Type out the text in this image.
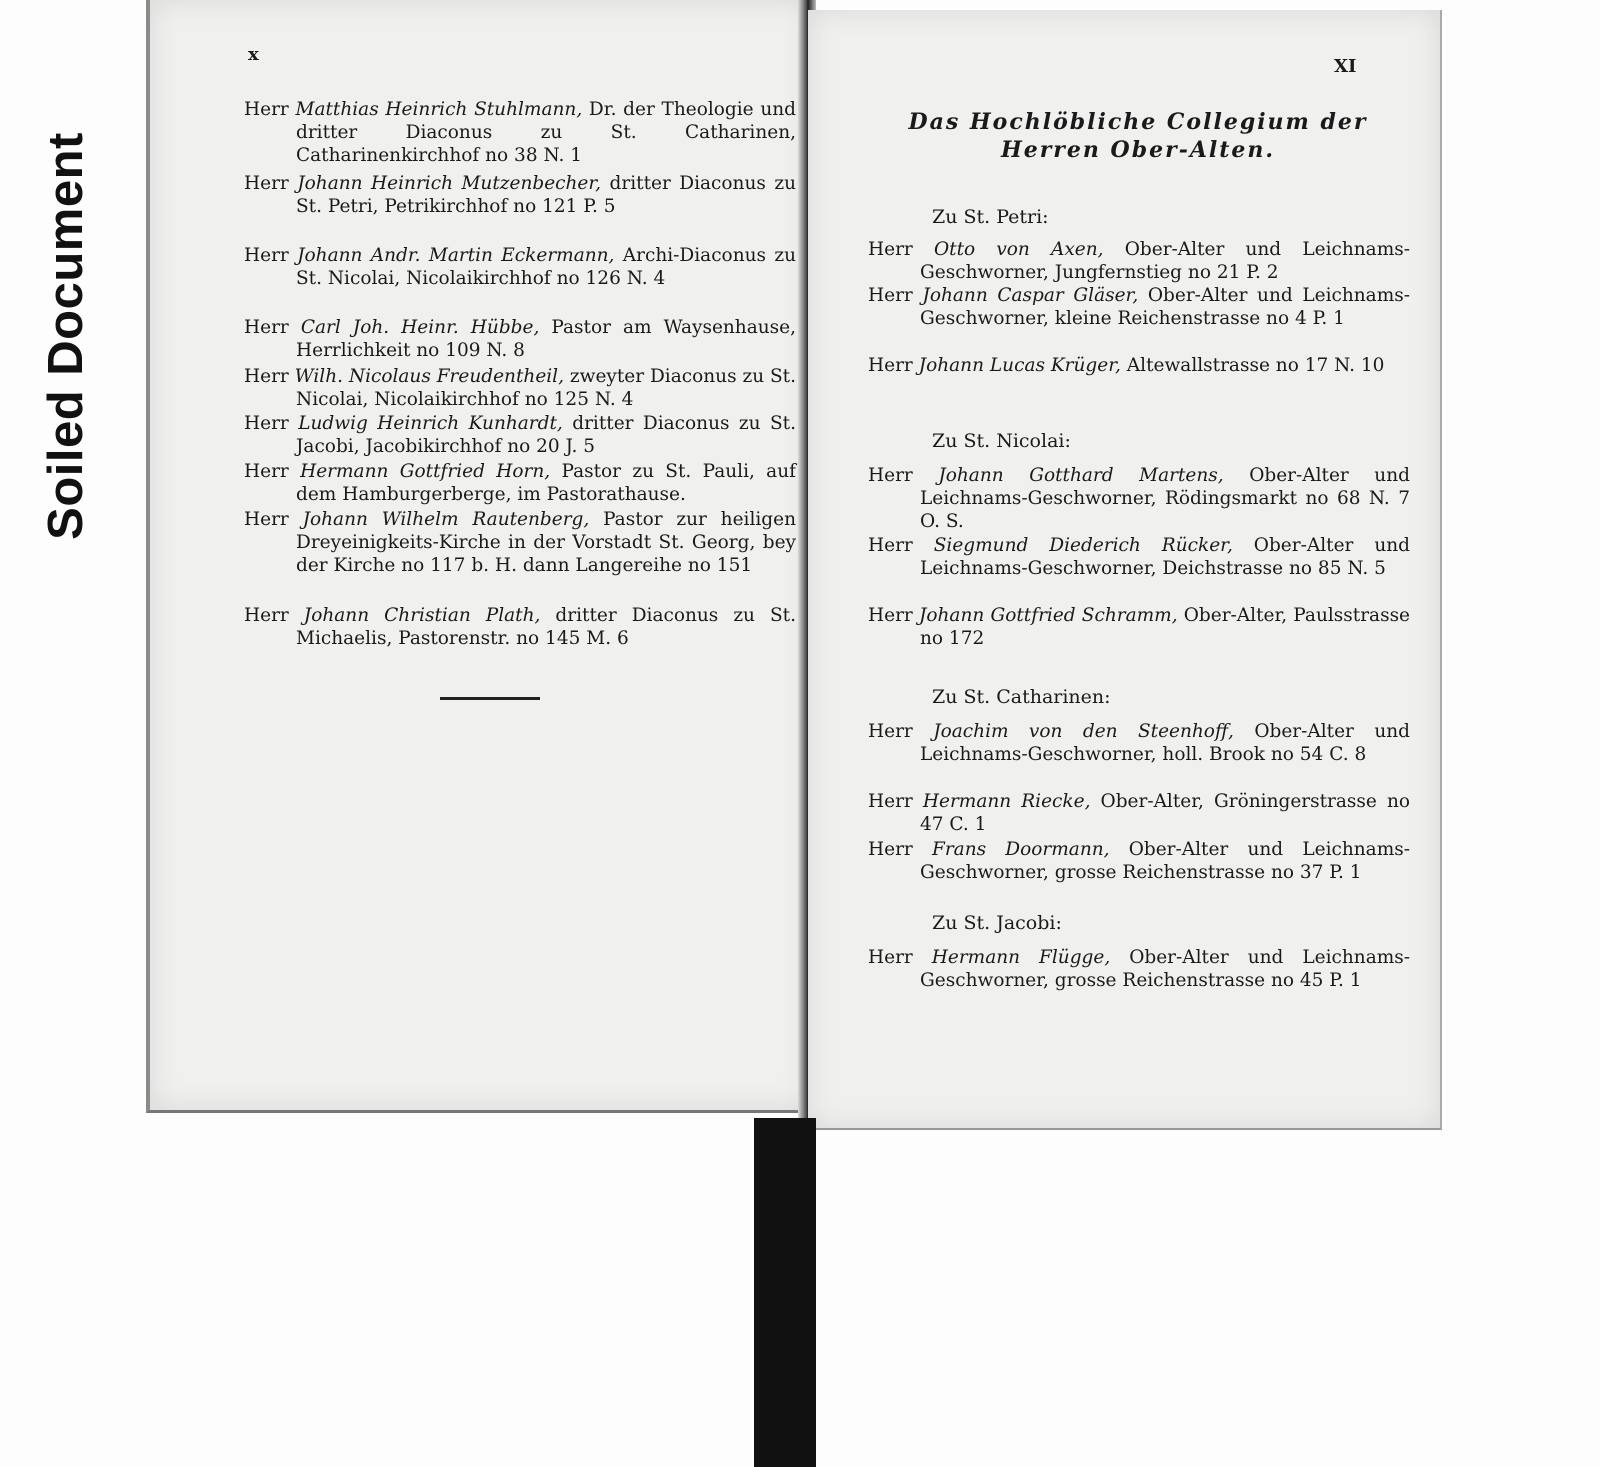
Soiled Document
x
Herr Matthias Heinrich Stuhlmann, Dr. der Theologie und dritter Diaconus zu St. Catharinen, Catharinenkirchhof no 38 N. 1
Herr Johann Heinrich Mutzenbecher, dritter Diaconus zu St. Petri, Petrikirchhof no 121 P. 5
Herr Johann Andr. Martin Eckermann, Archi-Diaconus zu St. Nicolai, Nicolaikirchhof no 126 N. 4
Herr Carl Joh. Heinr. Hübbe, Pastor am Waysenhause, Herrlichkeit no 109 N. 8
Herr Wilh. Nicolaus Freudentheil, zweyter Diaconus zu St. Nicolai, Nicolaikirchhof no 125 N. 4
Herr Ludwig Heinrich Kunhardt, dritter Diaconus zu St. Jacobi, Jacobikirchhof no 20 J. 5
Herr Hermann Gottfried Horn, Pastor zu St. Pauli, auf dem Hamburgerberge, im Pastorathause.
Herr Johann Wilhelm Rautenberg, Pastor zur heiligen Dreyeinigkeits-Kirche in der Vorstadt St. Georg, bey der Kirche no 117 b. H. dann Langereihe no 151
Herr Johann Christian Plath, dritter Diaconus zu St. Michaelis, Pastorenstr. no 145 M. 6
XI
Das Hochlöbliche Collegium der
Herren Ober-Alten.
Zu St. Petri:
Herr Otto von Axen, Ober-Alter und Leichnams-Geschworner, Jungfernstieg no 21 P. 2
Herr Johann Caspar Gläser, Ober-Alter und Leichnams-Geschworner, kleine Reichenstrasse no 4 P. 1
Herr Johann Lucas Krüger, Altewallstrasse no 17 N. 10
Zu St. Nicolai:
Herr Johann Gotthard Martens, Ober-Alter und Leichnams-Geschworner, Rödingsmarkt no 68 N. 7 O. S.
Herr Siegmund Diederich Rücker, Ober-Alter und Leichnams-Geschworner, Deichstrasse no 85 N. 5
Herr Johann Gottfried Schramm, Ober-Alter, Paulsstrasse no 172
Zu St. Catharinen:
Herr Joachim von den Steenhoff, Ober-Alter und Leichnams-Geschworner, holl. Brook no 54 C. 8
Herr Hermann Riecke, Ober-Alter, Gröningerstrasse no 47 C. 1
Herr Frans Doormann, Ober-Alter und Leichnams-Geschworner, grosse Reichenstrasse no 37 P. 1
Zu St. Jacobi:
Herr Hermann Flügge, Ober-Alter und Leichnams-Geschworner, grosse Reichenstrasse no 45 P. 1
